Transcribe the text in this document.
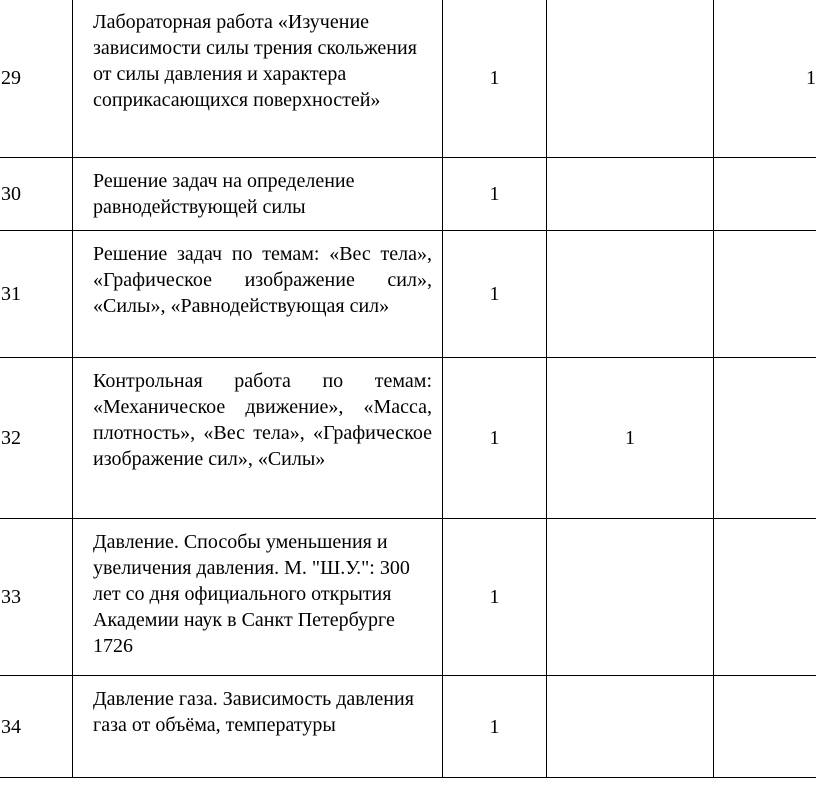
29	Лабораторная работа «Изучение зависимости силы трения скольжения от силы давления и характера соприкасающихся поверхностей»	1		1
30	Решение задач на определение равнодействующей силы	1		
31	Решение задач по темам: «Вес тела», «Графическое изображение сил», «Силы», «Равнодействующая сил»	1		
32	Контрольная работа по темам: «Механическое движение», «Масса, плотность», «Вес тела», «Графическое изображение сил», «Силы»	1	1	
33	Давление. Способы уменьшения и увеличения давления. М. "Ш.У.": 300 лет со дня официального открытия Академии наук в Санкт Петербурге 1726	1		
34	Давление газа. Зависимость давления газа от объёма, температуры	1		
